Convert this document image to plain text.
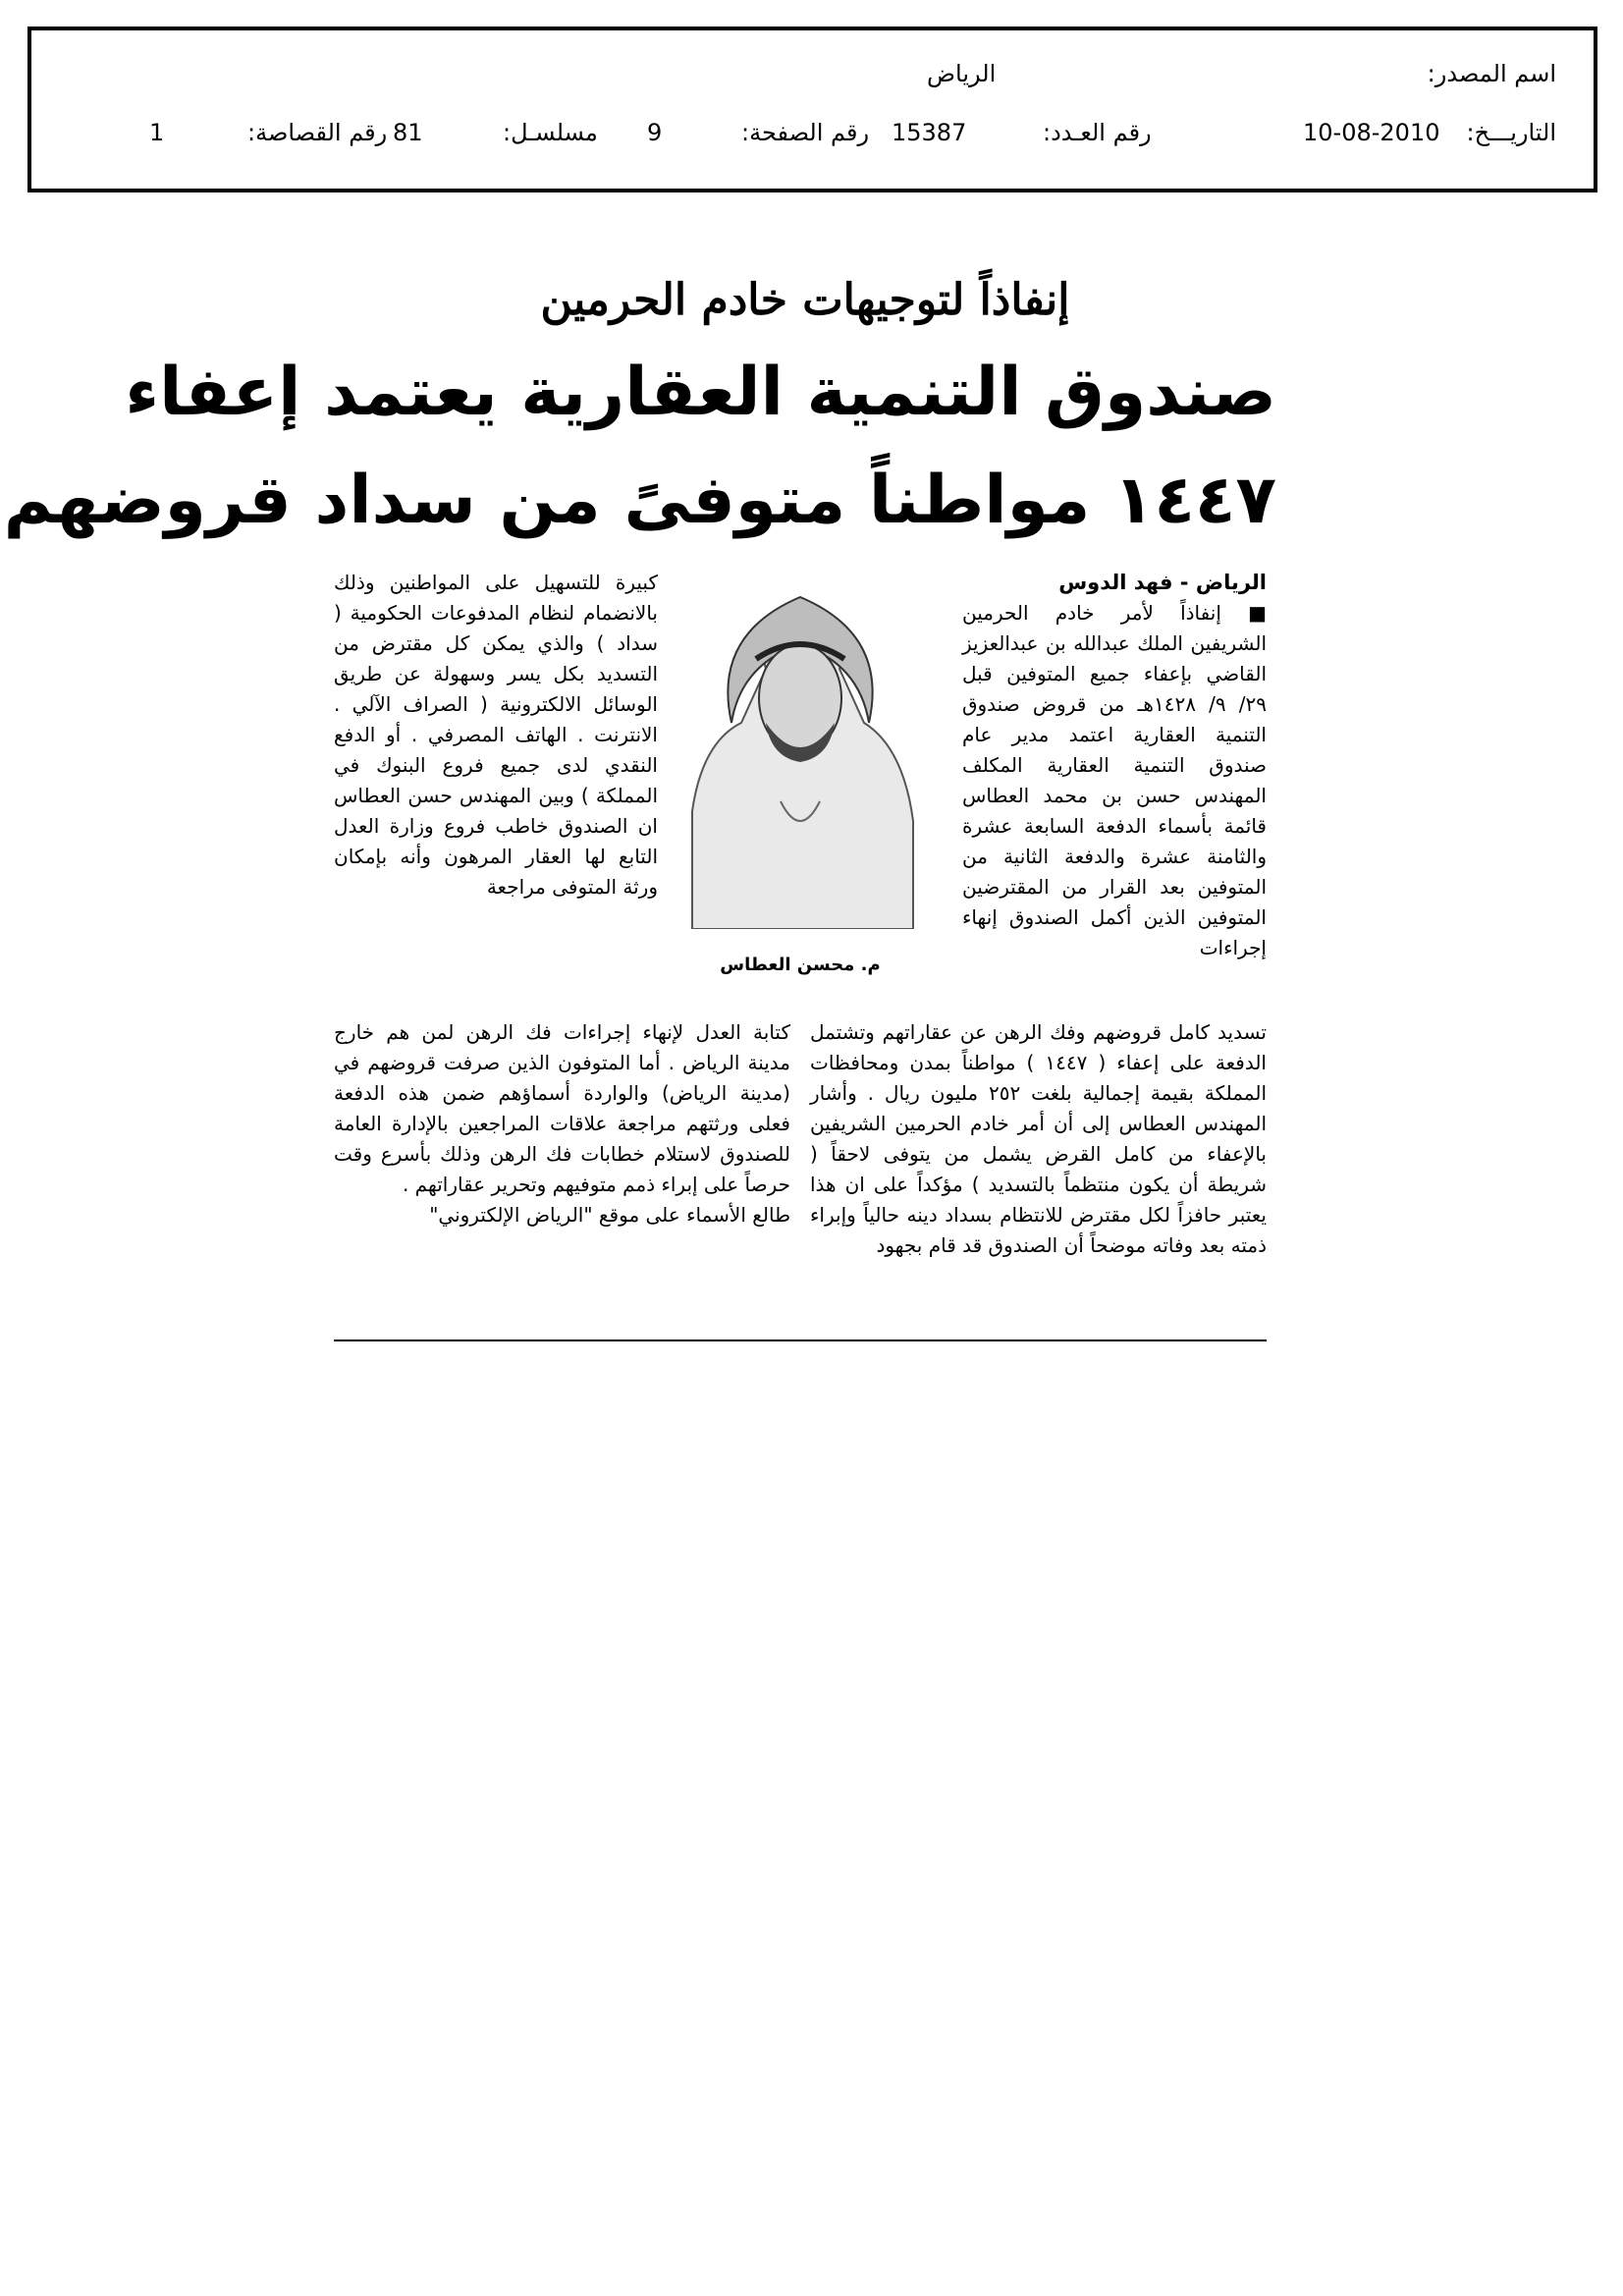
اسم المصدر:
الرياض
التاريـــخ:
10-08-2010
رقم العـدد:
15387
رقم الصفحة:
9
مسلسـل:
81
رقم القصاصة:
1
إنفاذاً لتوجيهات خادم الحرمين
صندوق التنمية العقارية يعتمد إعفاء
١٤٤٧ مواطناً متوفىً من سداد قروضهم
الرياض - فهد الدوس
■ إنفاذاً لأمر خادم الحرمين الشريفين الملك عبدالله بن عبدالعزيز القاضي بإعفاء جميع المتوفين قبل ٢٩/ ٩/ ١٤٢٨هـ من قروض صندوق التنمية العقارية اعتمد مدير عام صندوق التنمية العقارية المكلف المهندس حسن بن محمد العطاس قائمة بأسماء الدفعة السابعة عشرة والثامنة عشرة والدفعة الثانية من المتوفين بعد القرار من المقترضين المتوفين الذين أكمل الصندوق إنهاء إجراءات
م. محسن العطاس
كبيرة للتسهيل على المواطنين وذلك بالانضمام لنظام المدفوعات الحكومية ( سداد ) والذي يمكن كل مقترض من التسديد بكل يسر وسهولة عن طريق الوسائل الالكترونية ( الصراف الآلي . الانترنت . الهاتف المصرفي . أو الدفع النقدي لدى جميع فروع البنوك في المملكة ) وبين المهندس حسن العطاس ان الصندوق خاطب فروع وزارة العدل التابع لها العقار المرهون وأنه بإمكان ورثة المتوفى مراجعة
تسديد كامل قروضهم وفك الرهن عن عقاراتهم وتشتمل الدفعة على إعفاء ( ١٤٤٧ ) مواطناً بمدن ومحافظات المملكة بقيمة إجمالية بلغت ٢٥٢ مليون ريال . وأشار المهندس العطاس إلى أن أمر خادم الحرمين الشريفين بالإعفاء من كامل القرض يشمل من يتوفى لاحقاً ( شريطة أن يكون منتظماً بالتسديد ) مؤكداً على ان هذا يعتبر حافزاً لكل مقترض للانتظام بسداد دينه حالياً وإبراء ذمته بعد وفاته موضحاً أن الصندوق قد قام بجهود
كتابة العدل لإنهاء إجراءات فك الرهن لمن هم خارج مدينة الرياض . أما المتوفون الذين صرفت قروضهم في (مدينة الرياض) والواردة أسماؤهم ضمن هذه الدفعة فعلى ورثتهم مراجعة علاقات المراجعين بالإدارة العامة للصندوق لاستلام خطابات فك الرهن وذلك بأسرع وقت حرصاً على إبراء ذمم متوفيهم وتحرير عقاراتهم .
طالع الأسماء على موقع "الرياض الإلكتروني"
